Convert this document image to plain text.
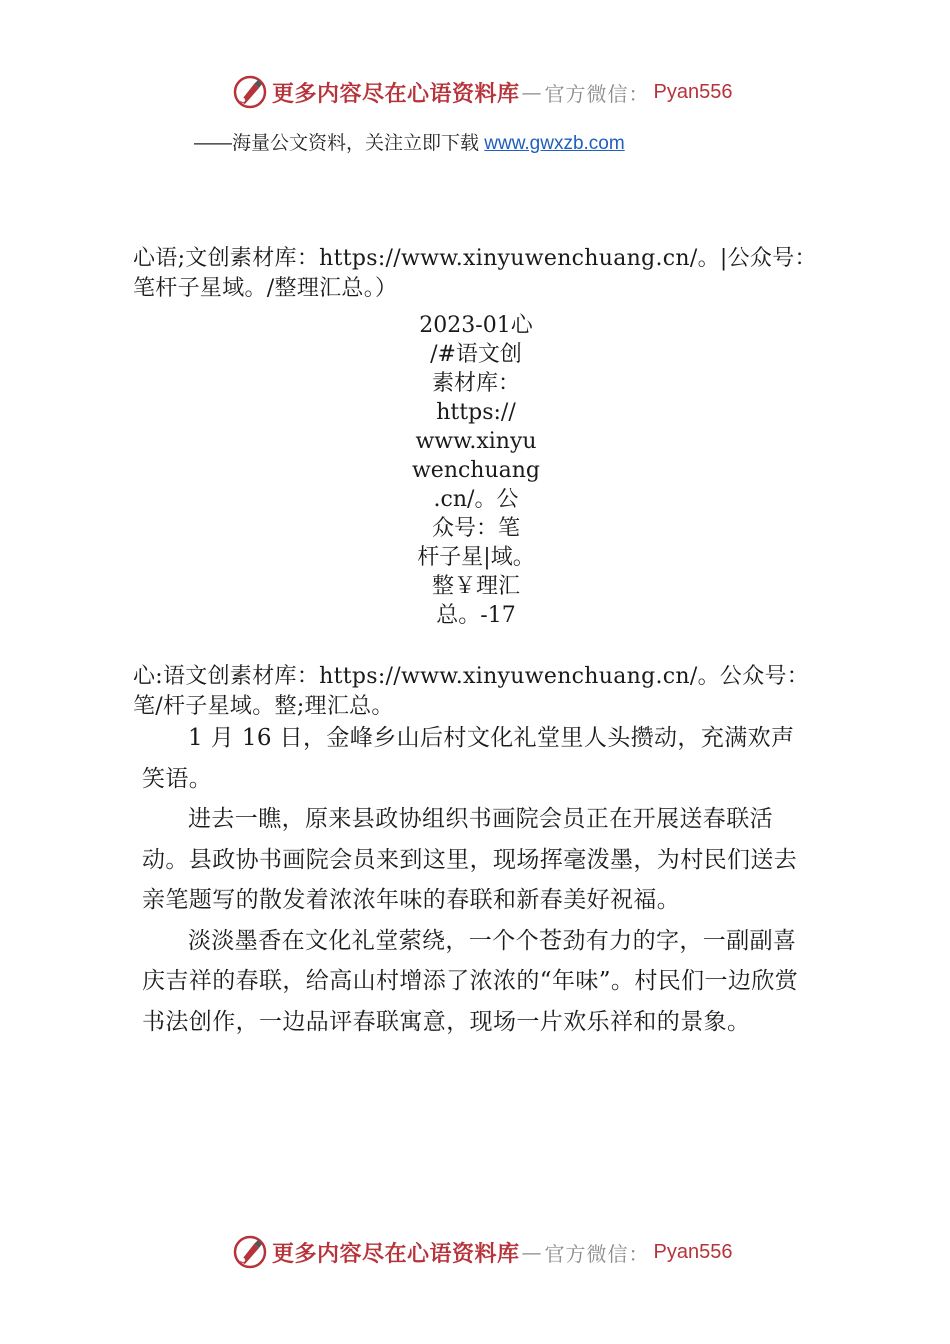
更多内容尽在心语资料库 — 官方微信： Pyan556
——海量公文资料，关注立即下载 www.gwxzb.com
心语;文创素材库：https://www.xinyuwenchuang.cn/。|公众号：笔杆子星域。/整理汇总。）
2023-01心
/#语文创
素材库：
https://
www.xinyu
wenchuang
.cn/。公
众号：笔
杆子星|域。
整￥理汇
总。-17
心:语文创素材库：https://www.xinyuwenchuang.cn/。公众号：笔/杆子星域。整;理汇总。

1 月 16 日，金峰乡山后村文化礼堂里人头攒动，充满欢声笑语。

进去一瞧，原来县政协组织书画院会员正在开展送春联活动。县政协书画院会员来到这里，现场挥毫泼墨，为村民们送去亲笔题写的散发着浓浓年味的春联和新春美好祝福。

淡淡墨香在文化礼堂萦绕，一个个苍劲有力的字，一副副喜庆吉祥的春联，给高山村增添了浓浓的“年味”。村民们一边欣赏书法创作，一边品评春联寓意，现场一片欢乐祥和的景象。

更多内容尽在心语资料库 — 官方微信： Pyan556
